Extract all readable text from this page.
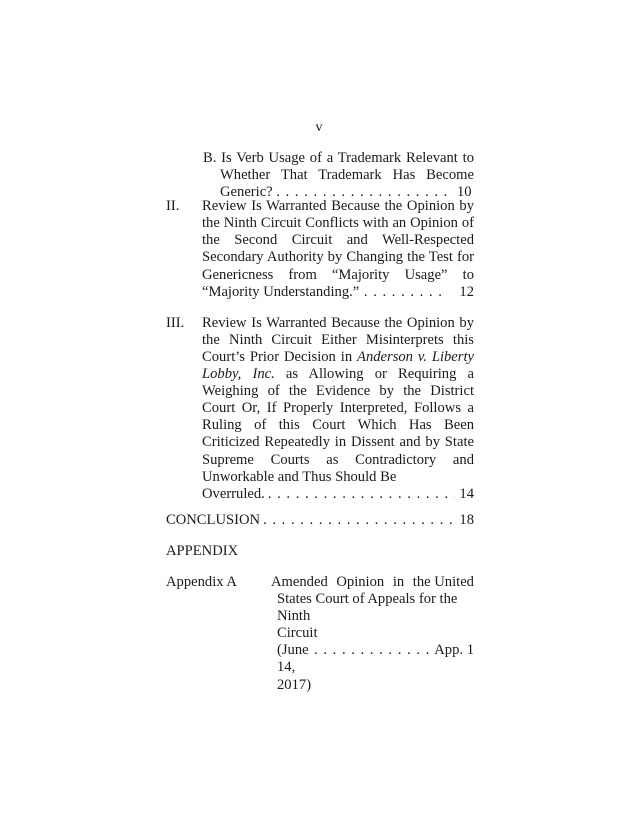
v
B. Is Verb Usage of a Trademark Relevant to Whether That Trademark Has Become Generic? . . . . . . . . . . . . . . . . . . . 10
II. Review Is Warranted Because the Opinion by the Ninth Circuit Conflicts with an Opinion of the Second Circuit and Well-Respected Secondary Authority by Changing the Test for Genericness from “Majority Usage” to “Majority Understanding.” . . . . . . . . . 12
III. Review Is Warranted Because the Opinion by the Ninth Circuit Either Misinterprets this Court’s Prior Decision in Anderson v. Liberty Lobby, Inc. as Allowing or Requiring a Weighing of the Evidence by the District Court Or, If Properly Interpreted, Follows a Ruling of this Court Which Has Been Criticized Repeatedly in Dissent and by State Supreme Courts as Contradictory and Unworkable and Thus Should Be
Overruled. . . .	14
CONCLUSION . . .	18
APPENDIX
Appendix A Amended Opinion in the United
States Court of Appeals for the Ninth
Circuit
(June 14, 2017)
. . .
App. 1
